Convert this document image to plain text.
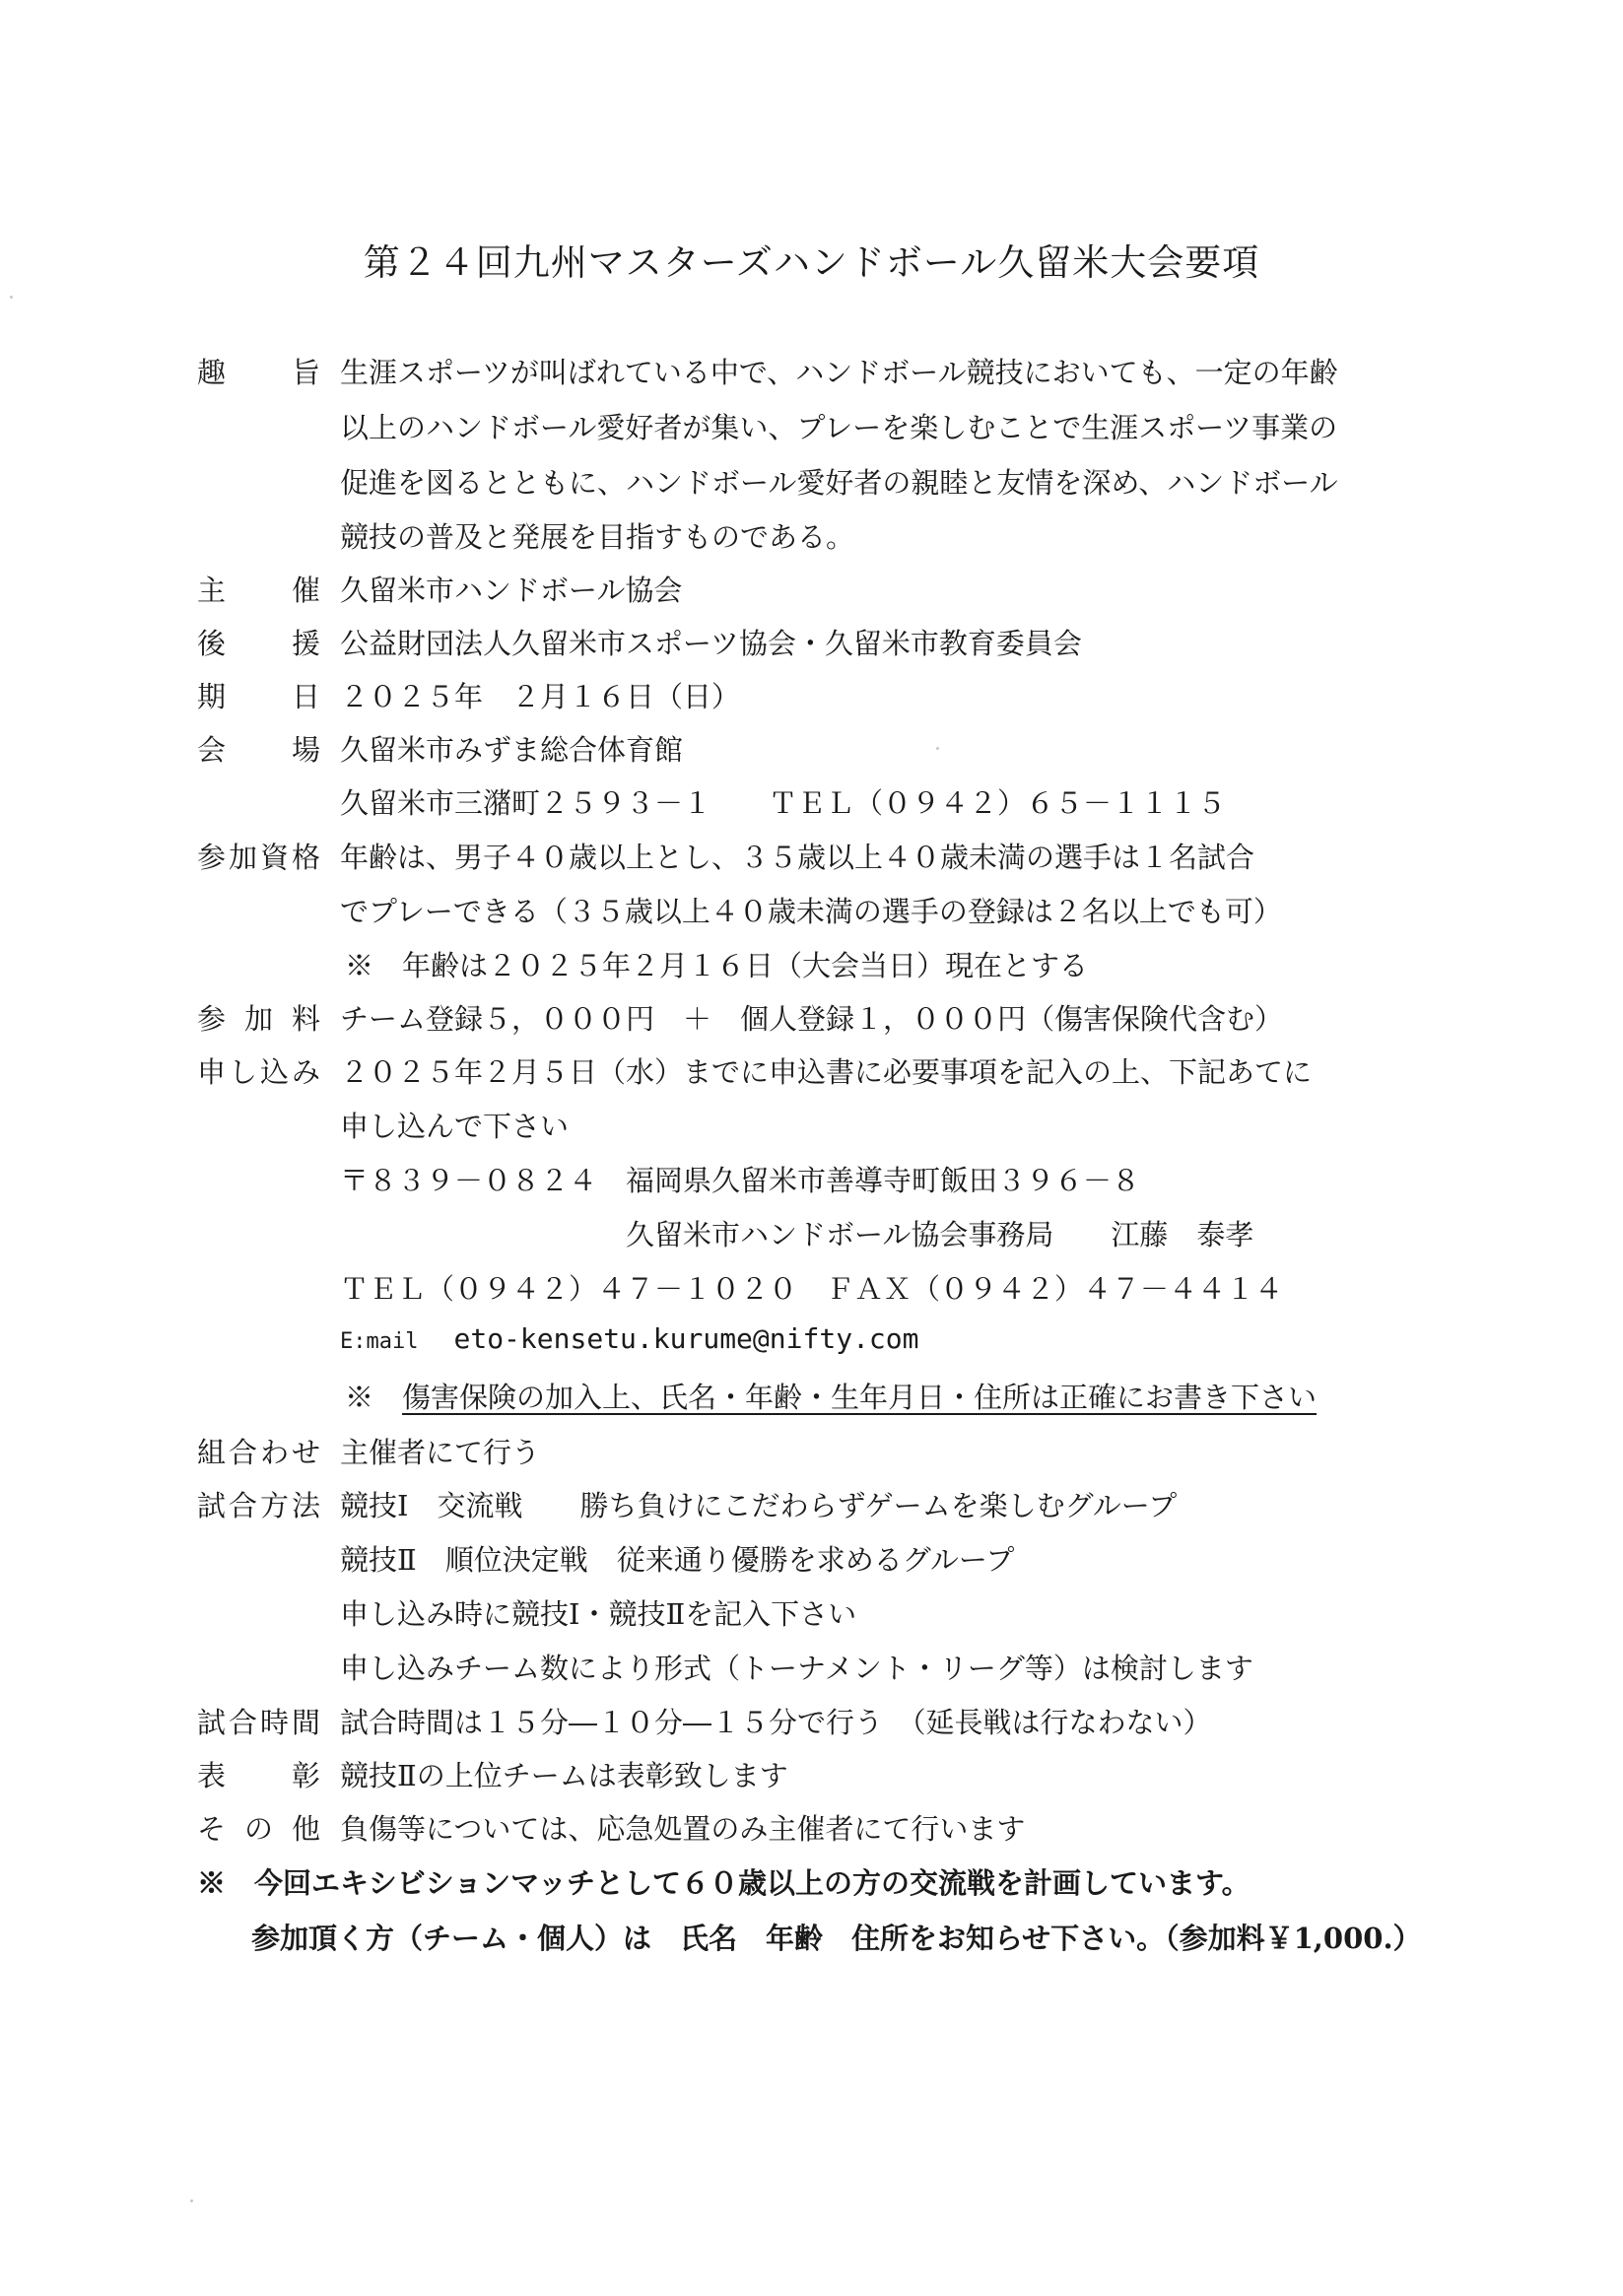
第２４回九州マスターズハンドボール久留米大会要項
趣　旨 生涯スポーツが叫ばれている中で、ハンドボール競技においても、一定の年齢
以上のハンドボール愛好者が集い、プレーを楽しむことで生涯スポーツ事業の
促進を図るとともに、ハンドボール愛好者の親睦と友情を深め、ハンドボール
競技の普及と発展を目指すものである。
主　催 久留米市ハンドボール協会
後　援 公益財団法人久留米市スポーツ協会・久留米市教育委員会
期　日 ２０２５年　２月１６日（日）
会　場 久留米市みずま総合体育館
久留米市三潴町２５９３－１　　ＴＥＬ（０９４２）６５－１１１５
参加資格 年齢は、男子４０歳以上とし、３５歳以上４０歳未満の選手は１名試合
でプレーできる（３５歳以上４０歳未満の選手の登録は２名以上でも可）
※　年齢は２０２５年２月１６日（大会当日）現在とする
参加料 チーム登録５，０００円　＋　個人登録１，０００円（傷害保険代含む）
申し込み ２０２５年２月５日（水）までに申込書に必要事項を記入の上、下記あてに
申し込んで下さい
〒８３９－０８２４　福岡県久留米市善導寺町飯田３９６－８
久留米市ハンドボール協会事務局　　江藤　泰孝
ＴＥＬ（０９４２）４７－１０２０　ＦＡＸ（０９４２）４７－４４１４
E:mail eto-kensetu.kurume@nifty.com
※　 傷害保険の加入上、氏名・年齢・生年月日・住所は正確にお書き下さい
組合わせ 主催者にて行う
試合方法 競技Ⅰ　交流戦　　勝ち負けにこだわらずゲームを楽しむグループ
競技Ⅱ　順位決定戦　従来通り優勝を求めるグループ
申し込み時に競技Ⅰ・競技Ⅱを記入下さい
申し込みチーム数により形式（トーナメント・リーグ等）は検討します
試合時間 試合時間は１５分―１０分―１５分で行う　（延長戦は行なわない）
表　彰 競技Ⅱの上位チームは表彰致します
その他 負傷等については、応急処置のみ主催者にて行います
※　今回エキシビションマッチとして６０歳以上の方の交流戦を計画しています。
参加頂く方（チーム・個人）は　氏名　年齢　住所をお知らせ下さい。（参加料￥1,000.）
